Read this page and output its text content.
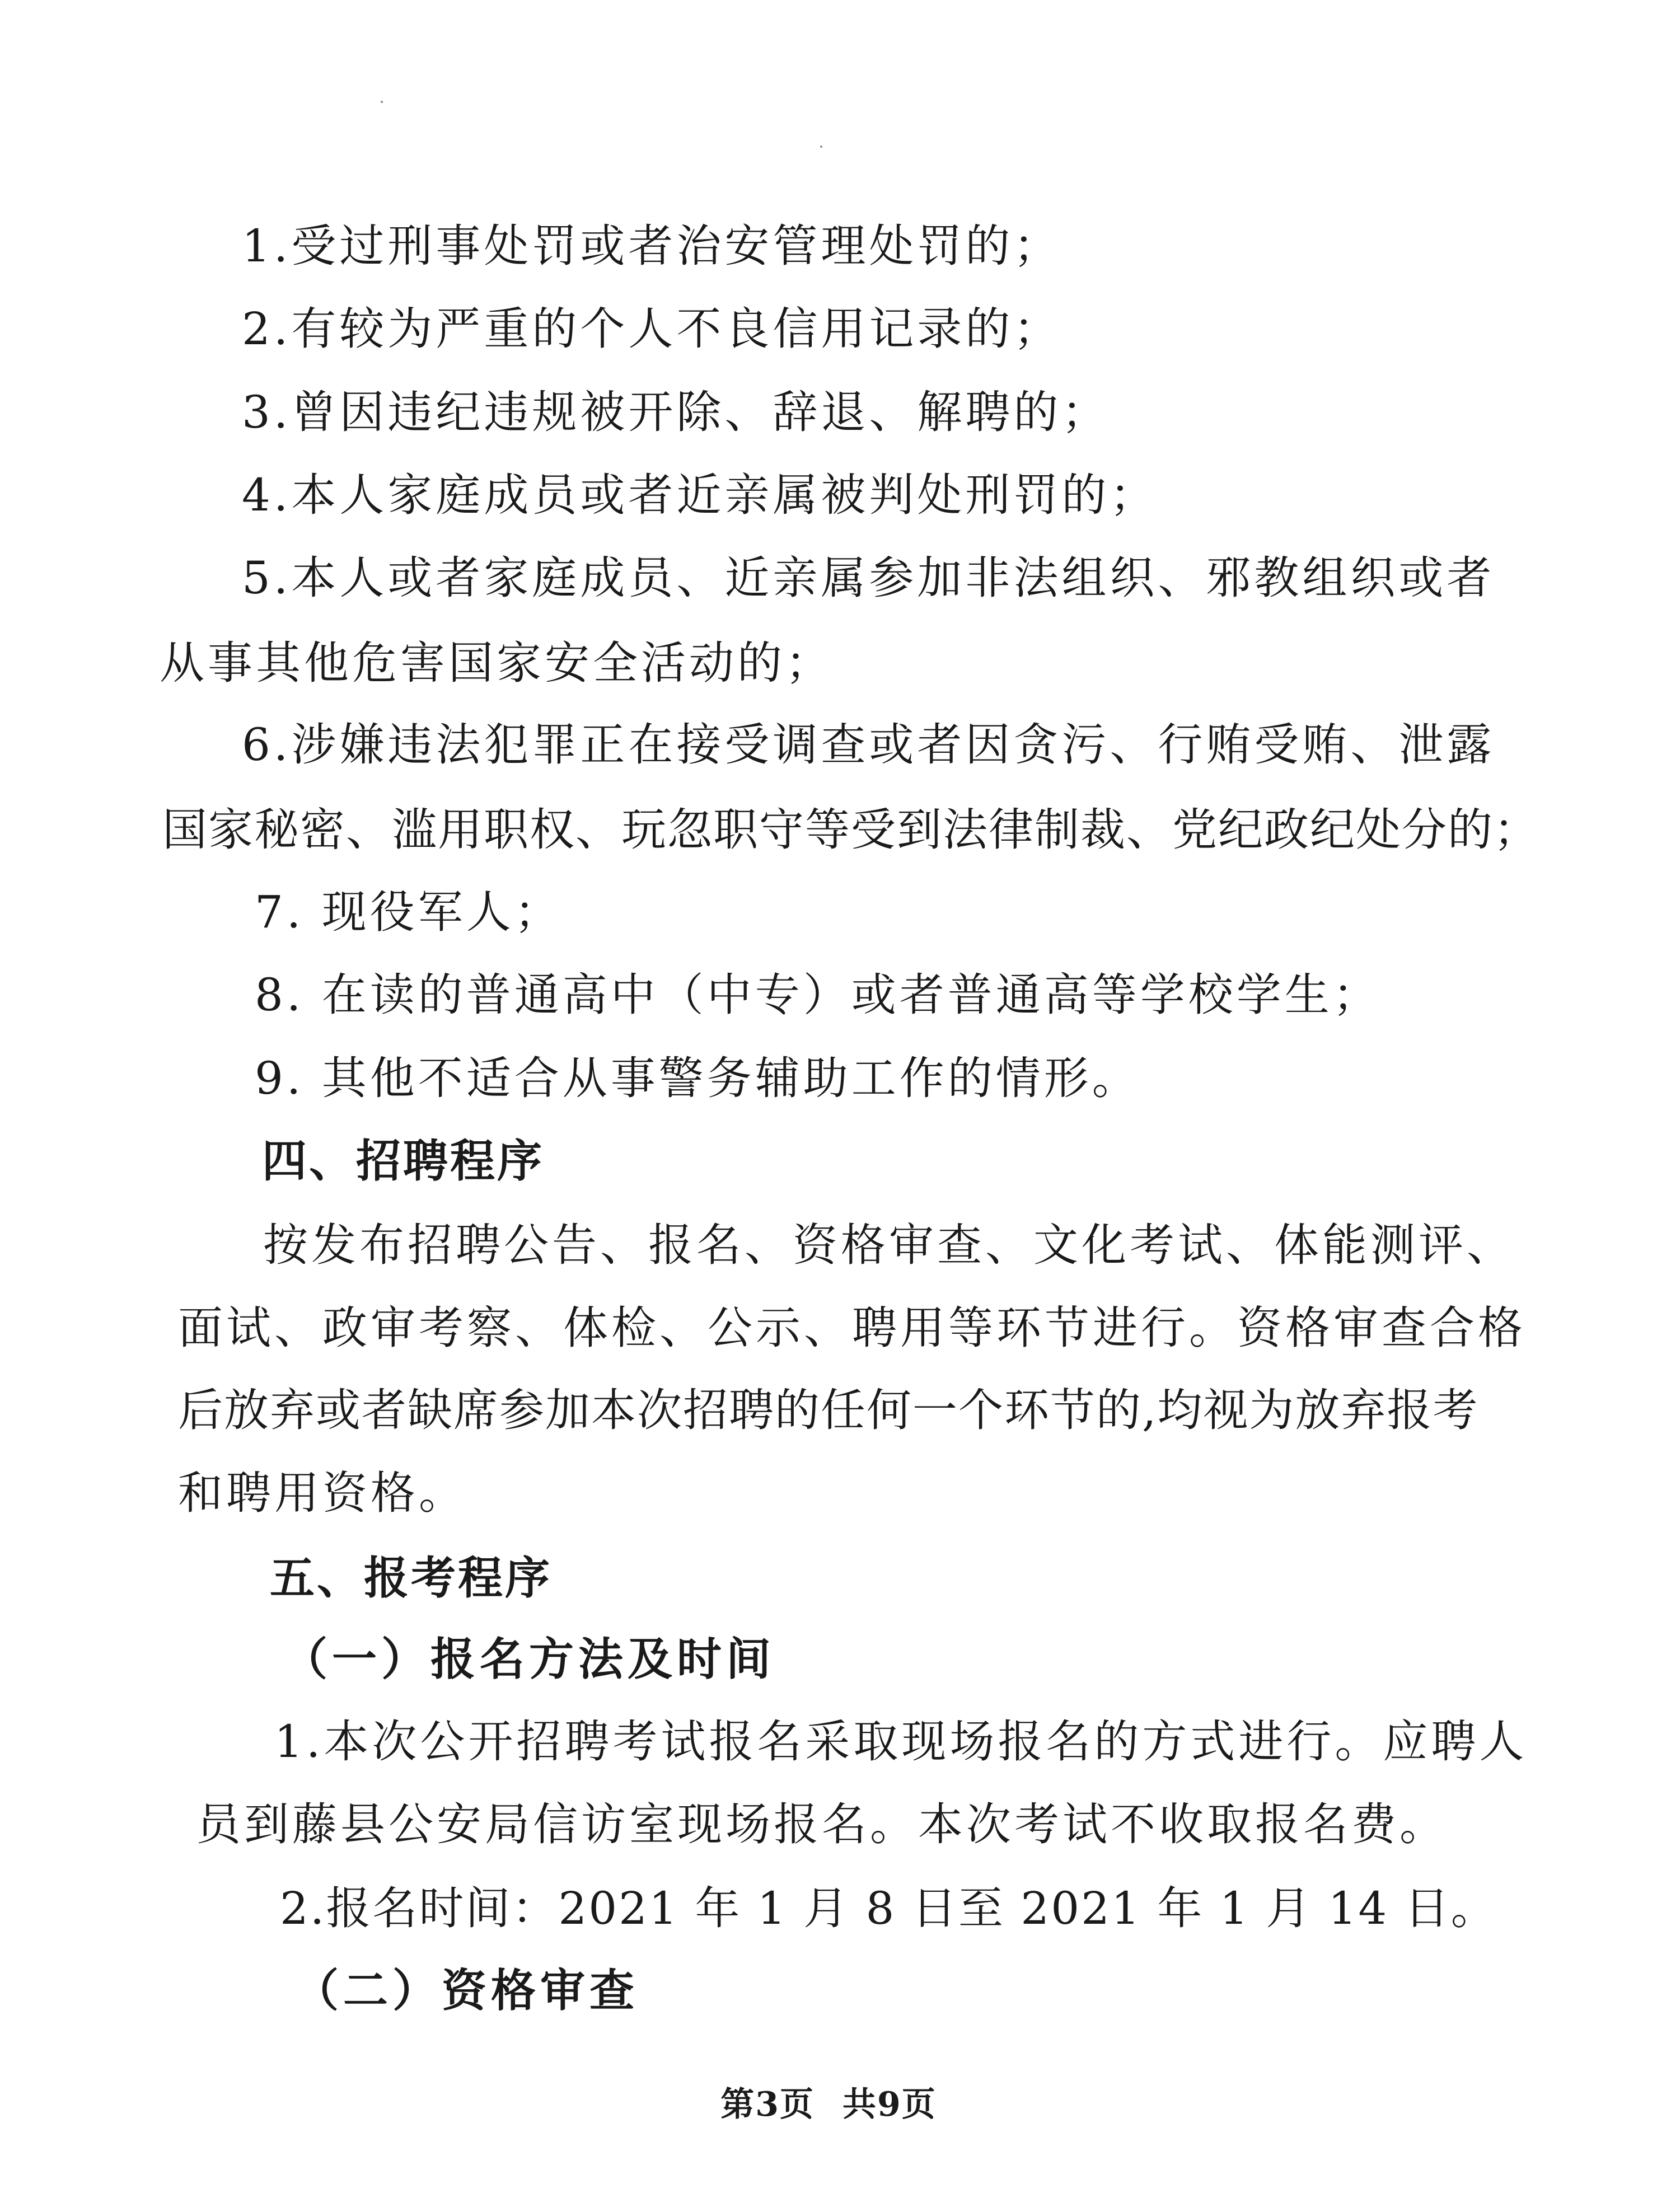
1.受过刑事处罚或者治安管理处罚的；
2.有较为严重的个人不良信用记录的；
3.曾因违纪违规被开除、辞退、解聘的；
4.本人家庭成员或者近亲属被判处刑罚的；
5.本人或者家庭成员、近亲属参加非法组织、邪教组织或者
从事其他危害国家安全活动的；
6.涉嫌违法犯罪正在接受调查或者因贪污、行贿受贿、泄露
国家秘密、滥用职权、玩忽职守等受到法律制裁、党纪政纪处分的；
7. 现役军人；
8. 在读的普通高中（中专）或者普通高等学校学生；
9. 其他不适合从事警务辅助工作的情形。
四、招聘程序
按发布招聘公告、报名、资格审查、文化考试、体能测评、
面试、政审考察、体检、公示、聘用等环节进行。资格审查合格
后放弃或者缺席参加本次招聘的任何一个环节的,均视为放弃报考
和聘用资格。
五、报考程序
（一）报名方法及时间
1.本次公开招聘考试报名采取现场报名的方式进行。应聘人
员到藤县公安局信访室现场报名。本次考试不收取报名费。
2.报名时间：2021 年 1 月 8 日至 2021 年 1 月 14 日。
（二）资格审查
第3页 共9页
